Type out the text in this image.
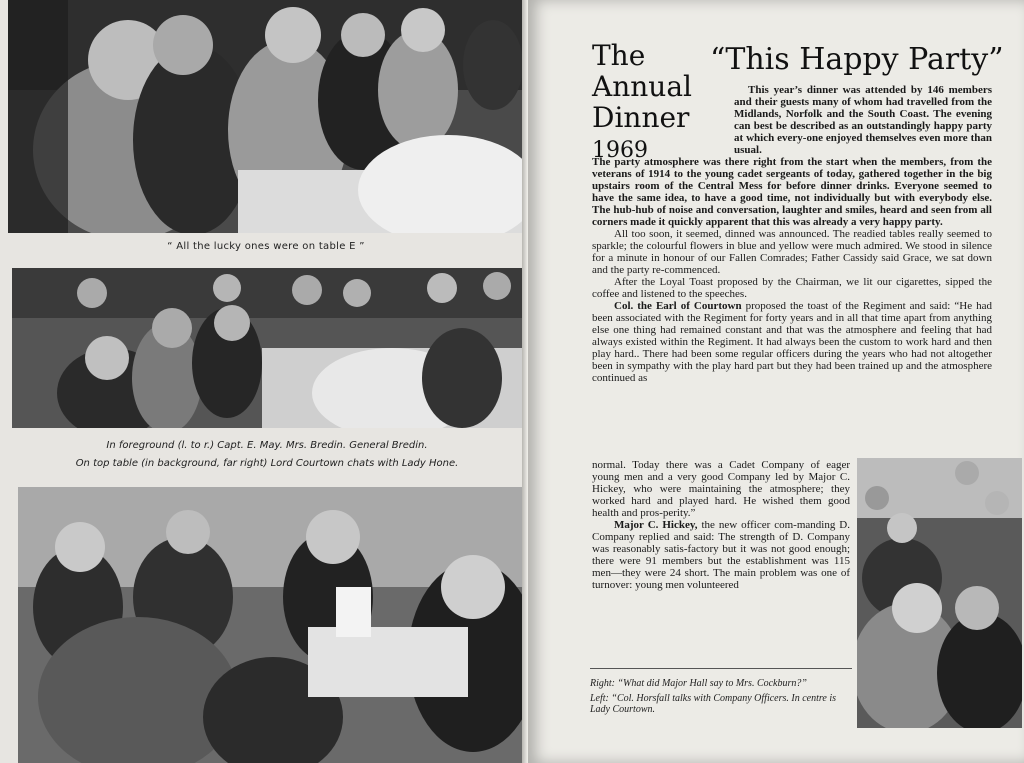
“ All the lucky ones were on table E ”
In foreground (l. to r.) Capt. E. May. Mrs. Bredin. General Bredin.
On top table (in background, far right) Lord Courtown chats with Lady Hone.
The
Annual
Dinner
1969
“This Happy Party”

This year’s dinner was attended by 146 members and their guests many of whom had travelled from the Midlands, Norfolk and the South Coast. The evening can best be described as an outstandingly happy party at which every-one enjoyed themselves even more than usual.

The party atmosphere was there right from the start when the members, from the veterans of 1914 to the young cadet sergeants of today, gathered together in the big upstairs room of the Central Mess for before dinner drinks. Everyone seemed to have the same idea, to have a good time, not individually but with everybody else. The hub-hub of noise and conversation, laughter and smiles, heard and seen from all corners made it quickly apparent that this was already a very happy party.

All too soon, it seemed, dinned was announced. The readied tables really seemed to sparkle; the colourful flowers in blue and yellow were much admired. We stood in silence for a minute in honour of our Fallen Comrades; Father Cassidy said Grace, we sat down and the party re-commenced.

After the Loyal Toast proposed by the Chairman, we lit our cigarettes, sipped the coffee and listened to the speeches.

Col. the Earl of Courtown proposed the toast of the Regiment and said: “He had been associated with the Regiment for forty years and in all that time apart from anything else one thing had remained constant and that was the atmosphere and feeling that had always existed within the Regiment. It had always been the custom to work hard and then play hard.. There had been some regular officers during the years who had not altogether been in sympathy with the play hard part but they had been trained up and the atmosphere continued as

normal. Today there was a Cadet Company of eager young men and a very good Company led by Major C. Hickey, who were maintaining the atmosphere; they worked hard and played hard. He wished them good health and pros-perity.”

Major C. Hickey, the new officer com-manding D. Company replied and said: The strength of D. Company was reasonably satis-factory but it was not good enough; there were 91 members but the establishment was 115 men—they were 24 short. The main problem was one of turnover: young men volunteered

Right: “What did Major Hall say to Mrs. Cockburn?”
Left: “Col. Horsfall talks with Company Officers. In centre is Lady Courtown.
